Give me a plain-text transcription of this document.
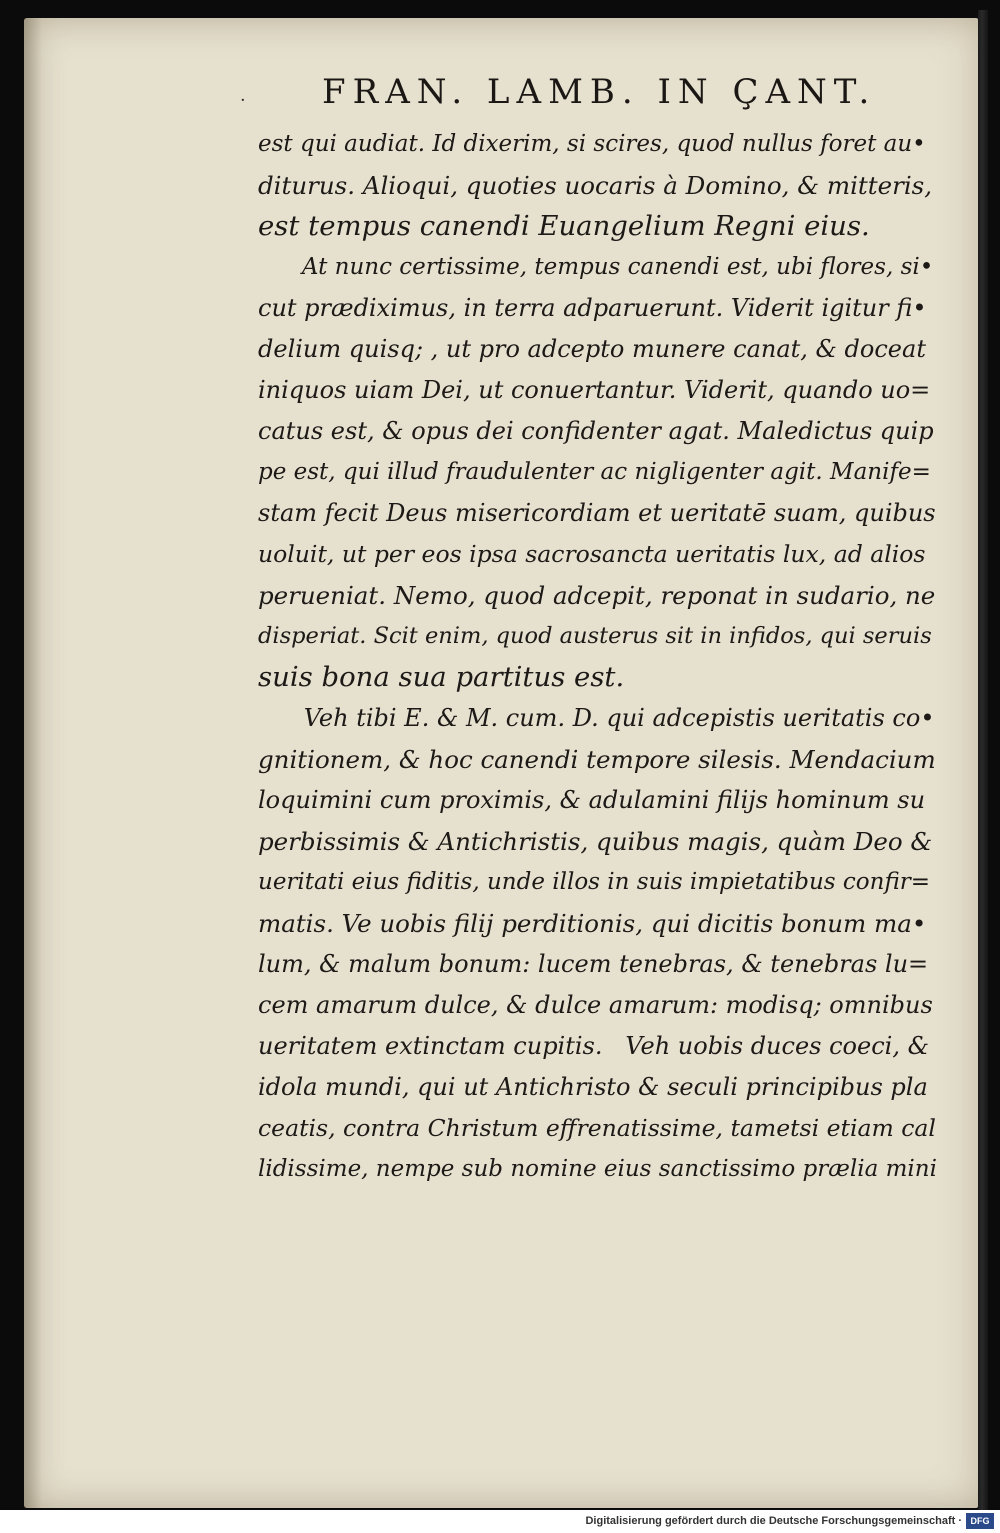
· FRAN. LAMB. IN ÇANT.
est qui audiat. Id dixerim, si scires, quod nullus foret au•
diturus. Alioqui, quoties uocaris à Domino, & mitteris,
est tempus canendi Euangelium Regni eius.
At nunc certissime, tempus canendi est, ubi flores, si•
cut prædiximus, in terra adparuerunt. Viderit igitur fi•
delium quisq; , ut pro adcepto munere canat, & doceat
iniquos uiam Dei, ut conuertantur. Viderit, quando uo=
catus est, & opus dei confidenter agat. Maledictus quip
pe est, qui illud fraudulenter ac nigligenter agit. Manife=
stam fecit Deus misericordiam et ueritatē suam, quibus
uoluit, ut per eos ipsa sacrosancta ueritatis lux, ad alios
perueniat. Nemo, quod adcepit, reponat in sudario, ne
disperiat. Scit enim, quod austerus sit in infidos, qui seruis
suis bona sua partitus est.
Veh tibi E. & M. cum. D. qui adcepistis ueritatis co•
gnitionem, & hoc canendi tempore silesis. Mendacium
loquimini cum proximis, & adulamini filijs hominum su
perbissimis & Antichristis, quibus magis, quàm Deo &
ueritati eius fiditis, unde illos in suis impietatibus confir=
matis. Ve uobis filij perditionis, qui dicitis bonum ma•
lum, & malum bonum: lucem tenebras, & tenebras lu=
cem amarum dulce, & dulce amarum: modisq; omnibus
ueritatem extinctam cupitis.   Veh uobis duces coeci, &
idola mundi, qui ut Antichristo & seculi principibus pla
ceatis, contra Christum effrenatissime, tametsi etiam cal
lidissime, nempe sub nomine eius sanctissimo prælia mini
Digitalisierung gefördert durch die Deutsche Forschungsgemeinschaft · DFG
